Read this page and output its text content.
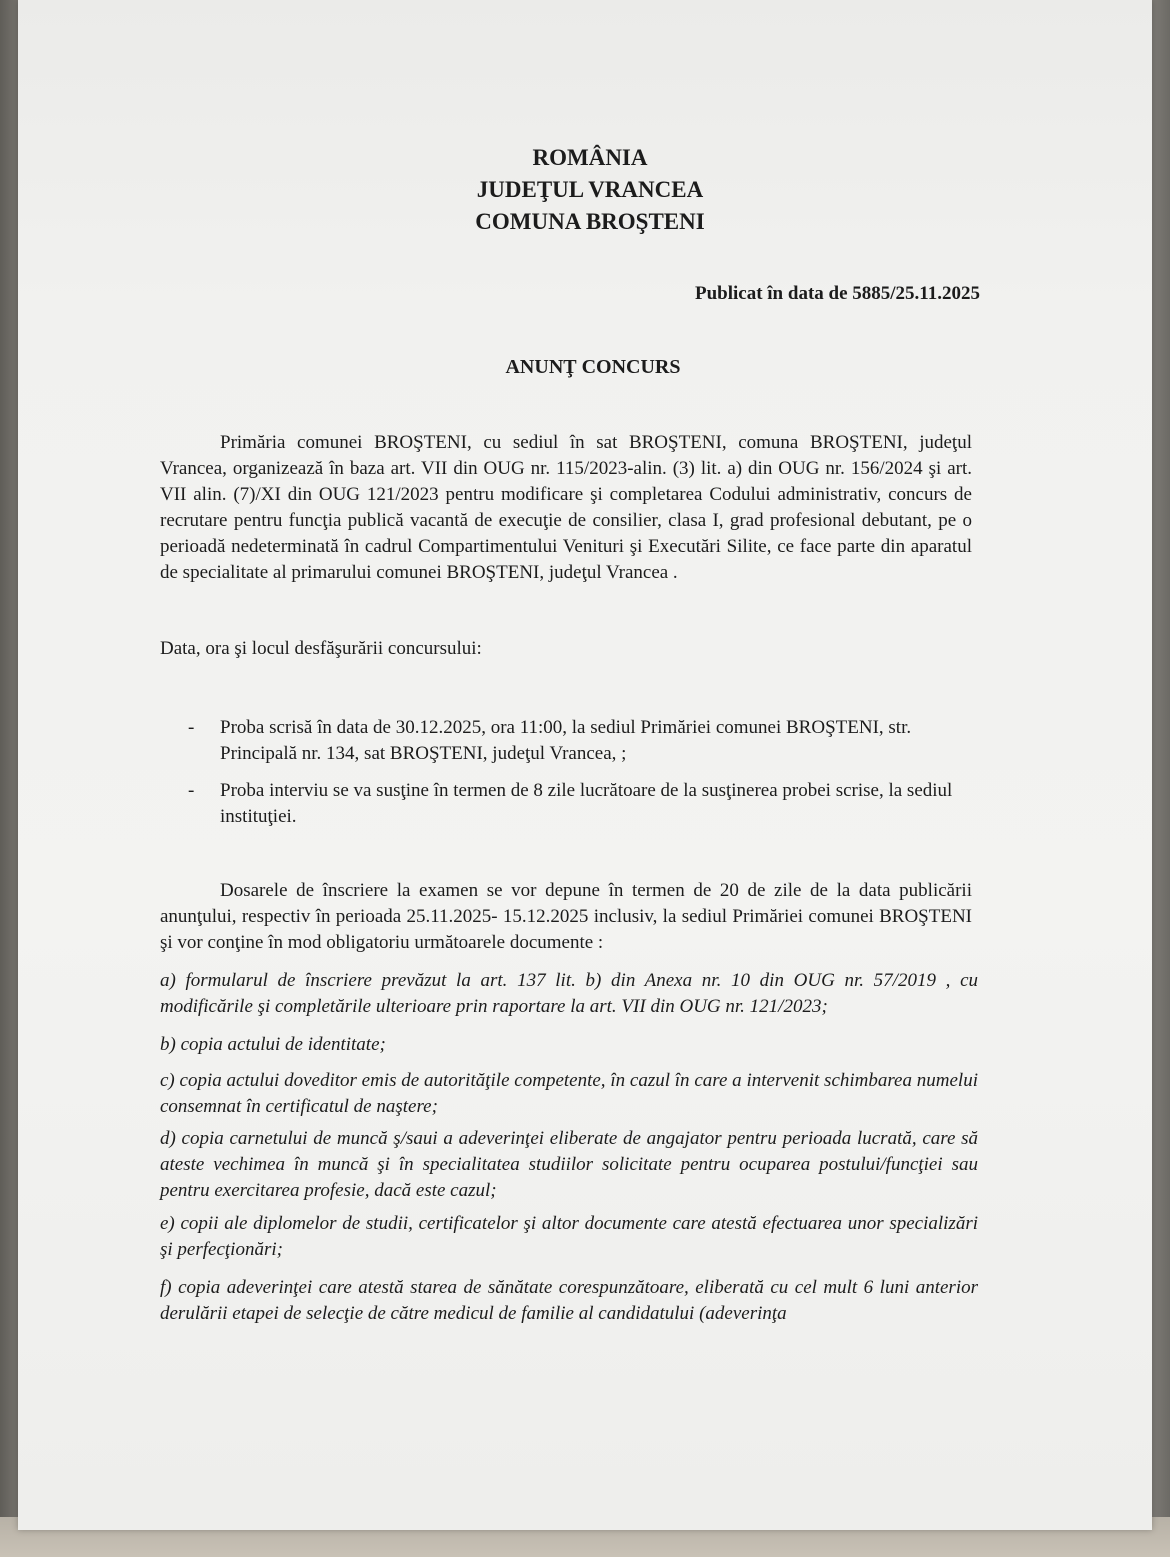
ROMÂNIA
JUDEŢUL VRANCEA
COMUNA BROŞTENI
Publicat în data de 5885/25.11.2025
ANUNŢ CONCURS
Primăria comunei BROŞTENI, cu sediul în sat BROŞTENI, comuna BROŞTENI, judeţul Vrancea, organizează în baza art. VII din OUG nr. 115/2023-alin. (3) lit. a) din OUG nr. 156/2024 şi art. VII alin. (7)/XI din OUG 121/2023 pentru modificare şi completarea Codului administrativ, concurs de recrutare pentru funcţia publică vacantă de execuţie de consilier, clasa I, grad profesional debutant, pe o perioadă nedeterminată în cadrul Compartimentului Venituri şi Executări Silite, ce face parte din aparatul de specialitate al primarului comunei BROŞTENI, judeţul Vrancea .
Data, ora şi locul desfăşurării concursului:
- Proba scrisă în data de 30.12.2025, ora 11:00, la sediul Primăriei comunei BROŞTENI, str. Principală nr. 134, sat BROŞTENI, judeţul Vrancea, ;
- Proba interviu se va susţine în termen de 8 zile lucrătoare de la susţinerea probei scrise, la sediul instituţiei.
Dosarele de înscriere la examen se vor depune în termen de 20 de zile de la data publicării anunţului, respectiv în perioada 25.11.2025- 15.12.2025 inclusiv, la sediul Primăriei comunei BROŞTENI şi vor conţine în mod obligatoriu următoarele documente :
a) formularul de înscriere prevăzut la art. 137 lit. b) din Anexa nr. 10 din OUG nr. 57/2019 , cu modificările şi completările ulterioare prin raportare la art. VII din OUG nr. 121/2023;
b) copia actului de identitate;
c) copia actului doveditor emis de autorităţile competente, în cazul în care a intervenit schimbarea numelui consemnat în certificatul de naştere;
d) copia carnetului de muncă ş/saui a adeverinţei eliberate de angajator pentru perioada lucrată, care să ateste vechimea în muncă şi în specialitatea studiilor solicitate pentru ocuparea postului/funcţiei sau pentru exercitarea profesie, dacă este cazul;
e) copii ale diplomelor de studii, certificatelor şi altor documente care atestă efectuarea unor specializări şi perfecţionări;
f) copia adeverinţei care atestă starea de sănătate corespunzătoare, eliberată cu cel mult 6 luni anterior derulării etapei de selecţie de către medicul de familie al candidatului (adeverinţa
